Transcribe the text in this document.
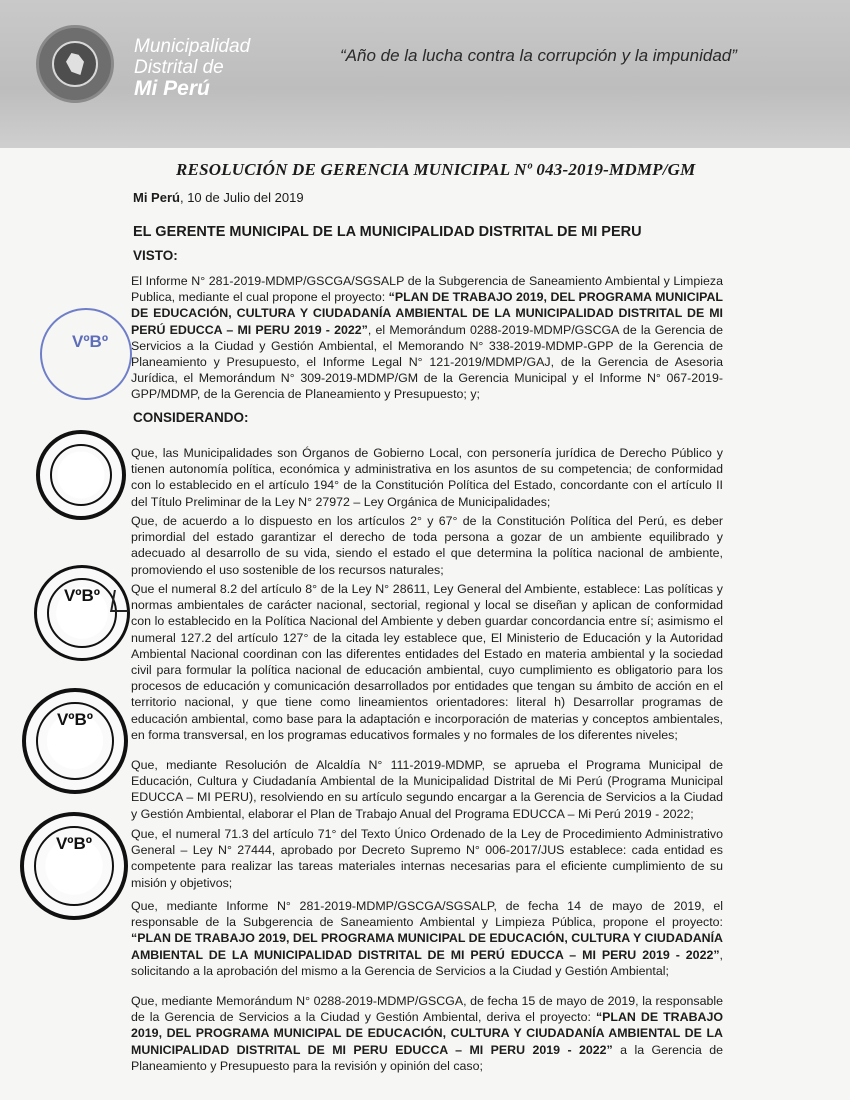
Municipalidad
Distrital de
Mi Perú
“Año de la lucha contra la corrupción y la impunidad”
RESOLUCIÓN DE GERENCIA MUNICIPAL Nº 043-2019-MDMP/GM
Mi Perú, 10 de Julio del 2019
EL GERENTE MUNICIPAL DE LA MUNICIPALIDAD DISTRITAL DE MI PERU
VISTO:
El Informe N° 281-2019-MDMP/GSCGA/SGSALP de la Subgerencia de Saneamiento Ambiental y Limpieza Publica, mediante el cual propone el proyecto: “PLAN DE TRABAJO 2019, DEL PROGRAMA MUNICIPAL DE EDUCACIÓN, CULTURA Y CIUDADANÍA AMBIENTAL DE LA MUNICIPALIDAD DISTRITAL DE MI PERÚ EDUCCA – MI PERU 2019 - 2022”, el Memorándum 0288-2019-MDMP/GSCGA de la Gerencia de Servicios a la Ciudad y Gestión Ambiental, el Memorando N° 338-2019-MDMP-GPP de la Gerencia de Planeamiento y Presupuesto, el Informe Legal N° 121-2019/MDMP/GAJ, de la Gerencia de Asesoria Jurídica, el Memorándum N° 309-2019-MDMP/GM de la Gerencia Municipal y el Informe N° 067-2019-GPP/MDMP, de la Gerencia de Planeamiento y Presupuesto; y;
CONSIDERANDO:
Que, las Municipalidades son Órganos de Gobierno Local, con personería jurídica de Derecho Público y tienen autonomía política, económica y administrativa en los asuntos de su competencia; de conformidad con lo establecido en el artículo 194° de la Constitución Política del Estado, concordante con el artículo II del Título Preliminar de la Ley N° 27972 – Ley Orgánica de Municipalidades;
Que, de acuerdo a lo dispuesto en los artículos 2° y 67° de la Constitución Política del Perú, es deber primordial del estado garantizar el derecho de toda persona a gozar de un ambiente equilibrado y adecuado al desarrollo de su vida, siendo el estado el que determina la política nacional de ambiente, promoviendo el uso sostenible de los recursos naturales;
Que el numeral 8.2 del artículo 8° de la Ley N° 28611, Ley General del Ambiente, establece: Las políticas y normas ambientales de carácter nacional, sectorial, regional y local se diseñan y aplican de conformidad con lo establecido en la Política Nacional del Ambiente y deben guardar concordancia entre sí; asimismo el numeral 127.2 del artículo 127° de la citada ley establece que, El Ministerio de Educación y la Autoridad Ambiental Nacional coordinan con las diferentes entidades del Estado en materia ambiental y la sociedad civil para formular la política nacional de educación ambiental, cuyo cumplimiento es obligatorio para los procesos de educación y comunicación desarrollados por entidades que tengan su ámbito de acción en el territorio nacional, y que tiene como lineamientos orientadores: literal h) Desarrollar programas de educación ambiental, como base para la adaptación e incorporación de materias y conceptos ambientales, en forma transversal, en los programas educativos formales y no formales de los diferentes niveles;
Que, mediante Resolución de Alcaldía N° 111-2019-MDMP, se aprueba el Programa Municipal de Educación, Cultura y Ciudadanía Ambiental de la Municipalidad Distrital de Mi Perú (Programa Municipal EDUCCA – MI PERU), resolviendo en su artículo segundo encargar a la Gerencia de Servicios a la Ciudad y Gestión Ambiental, elaborar el Plan de Trabajo Anual del Programa EDUCCA – Mi Perú 2019 - 2022;
Que, el numeral 71.3 del artículo 71° del Texto Único Ordenado de la Ley de Procedimiento Administrativo General – Ley N° 27444, aprobado por Decreto Supremo N° 006-2017/JUS establece: cada entidad es competente para realizar las tareas materiales internas necesarias para el eficiente cumplimiento de su misión y objetivos;
Que, mediante Informe N° 281-2019-MDMP/GSCGA/SGSALP, de fecha 14 de mayo de 2019, el responsable de la Subgerencia de Saneamiento Ambiental y Limpieza Pública, propone el proyecto: “PLAN DE TRABAJO 2019, DEL PROGRAMA MUNICIPAL DE EDUCACIÓN, CULTURA Y CIUDADANÍA AMBIENTAL DE LA MUNICIPALIDAD DISTRITAL DE MI PERÚ EDUCCA – MI PERU 2019 - 2022”, solicitando a la aprobación del mismo a la Gerencia de Servicios a la Ciudad y Gestión Ambiental;
Que, mediante Memorándum N° 0288-2019-MDMP/GSCGA, de fecha 15 de mayo de 2019, la responsable de la Gerencia de Servicios a la Ciudad y Gestión Ambiental, deriva el proyecto: “PLAN DE TRABAJO 2019, DEL PROGRAMA MUNICIPAL DE EDUCACIÓN, CULTURA Y CIUDADANÍA AMBIENTAL DE LA MUNICIPALIDAD DISTRITAL DE MI PERU EDUCCA – MI PERU 2019 - 2022” a la Gerencia de Planeamiento y Presupuesto para la revisión y opinión del caso;
VºBº
VºBº
VºBº
VºBº
